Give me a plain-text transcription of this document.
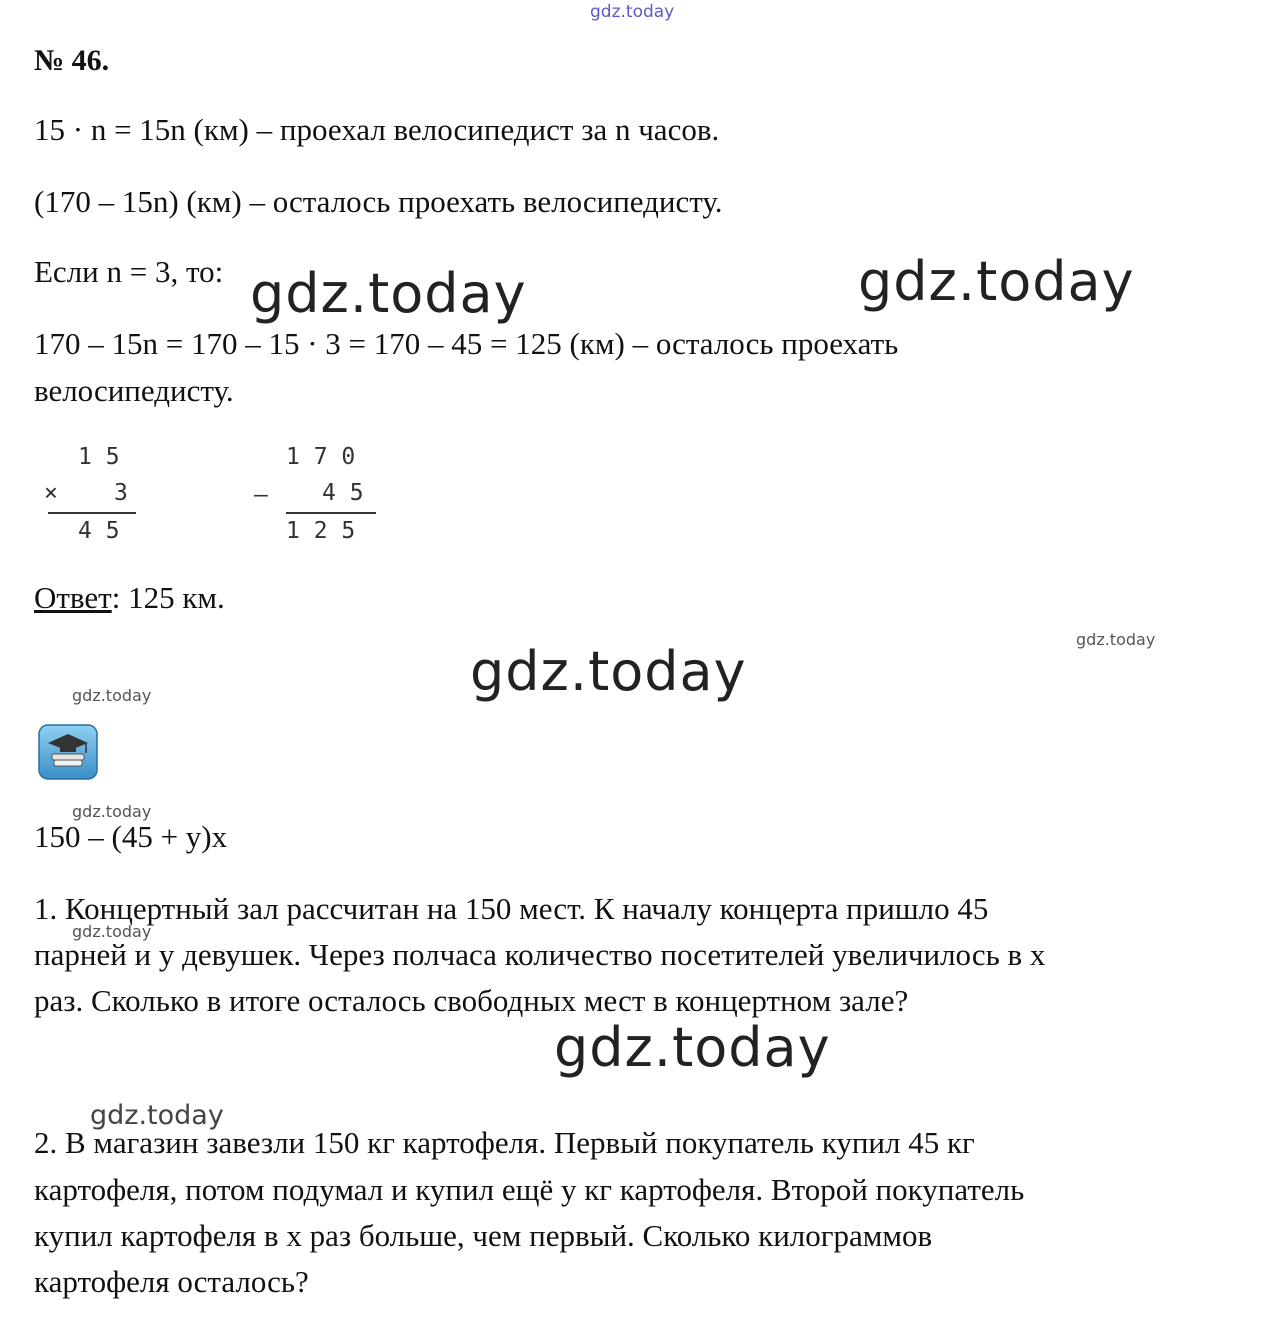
gdz.today
№ 46.
15 · n = 15n (км) – проехал велосипедист за n часов.
(170 – 15n) (км) – осталось проехать велосипедисту.
Если n = 3, то:
170 – 15n = 170 – 15 · 3 = 170 – 45 = 125 (км) – осталось проехать
велосипедисту.
gdz.today	gdz.today
1 5
× 3
4 5
1 7 0
– 4 5
1 2 5
Ответ: 125 км.
gdz.today
gdz.today
gdz.today
gdz.today
150 – (45 + y)x
1. Концертный зал рассчитан на 150 мест. К началу концерта пришло 45
gdz.today
парней и y девушек. Через полчаса количество посетителей увеличилось в x
раз. Сколько в итоге осталось свободных мест в концертном зале?
gdz.today
gdz.today
2. В магазин завезли 150 кг картофеля. Первый покупатель купил 45 кг
картофеля, потом подумал и купил ещё y кг картофеля. Второй покупатель
купил картофеля в x раз больше, чем первый. Сколько килограммов
картофеля осталось?
